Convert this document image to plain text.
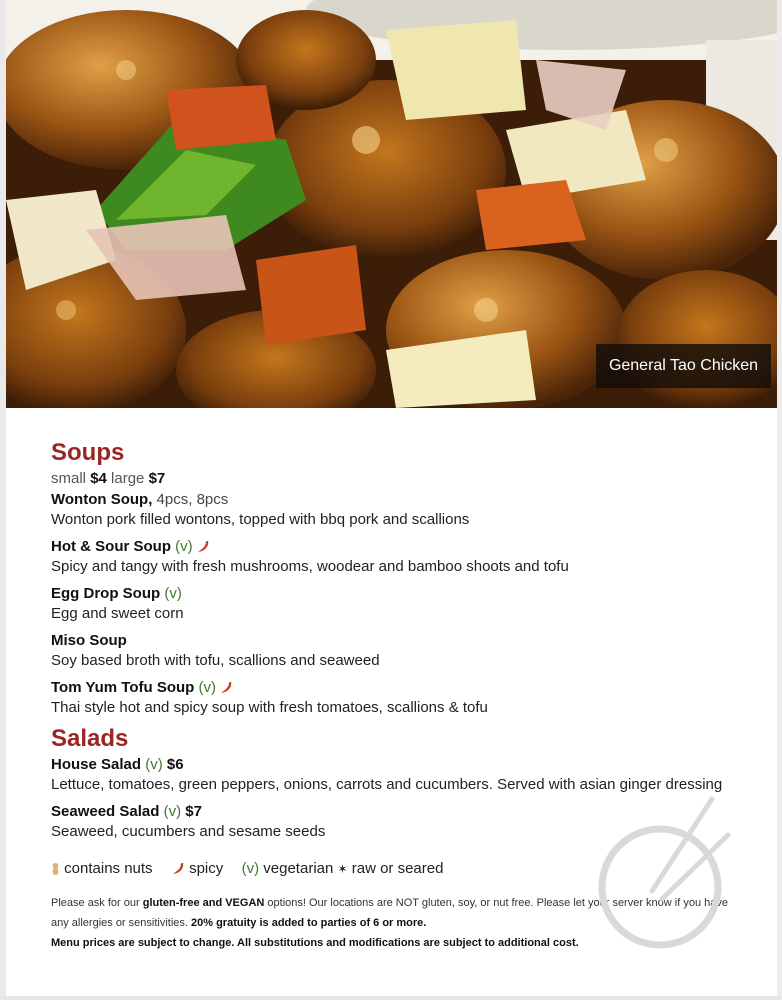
General Tao Chicken
Soups
small $4 large $7
Wonton Soup, 4pcs, 8pcs
Wonton pork filled wontons, topped with bbq pork and scallions
Hot & Sour Soup (v)
Spicy and tangy with fresh mushrooms, woodear and bamboo shoots and tofu
Egg Drop Soup (v)
Egg and sweet corn
Miso Soup
Soy based broth with tofu, scallions and seaweed
Tom Yum Tofu Soup (v)
Thai style hot and spicy soup with fresh tomatoes, scallions & tofu
Salads
House Salad (v) $6
Lettuce, tomatoes, green peppers, onions, carrots and cucumbers. Served with asian ginger dressing
Seaweed Salad (v) $7
Seaweed, cucumbers and sesame seeds
contains nuts spicy (v) vegetarian ✶ raw or seared
Please ask for our gluten-free and VEGAN options! Our locations are NOT gluten, soy, or nut free. Please let your server know if you have any allergies or sensitivities. 20% gratuity is added to parties of 6 or more.
Menu prices are subject to change. All substitutions and modifications are subject to additional cost.
